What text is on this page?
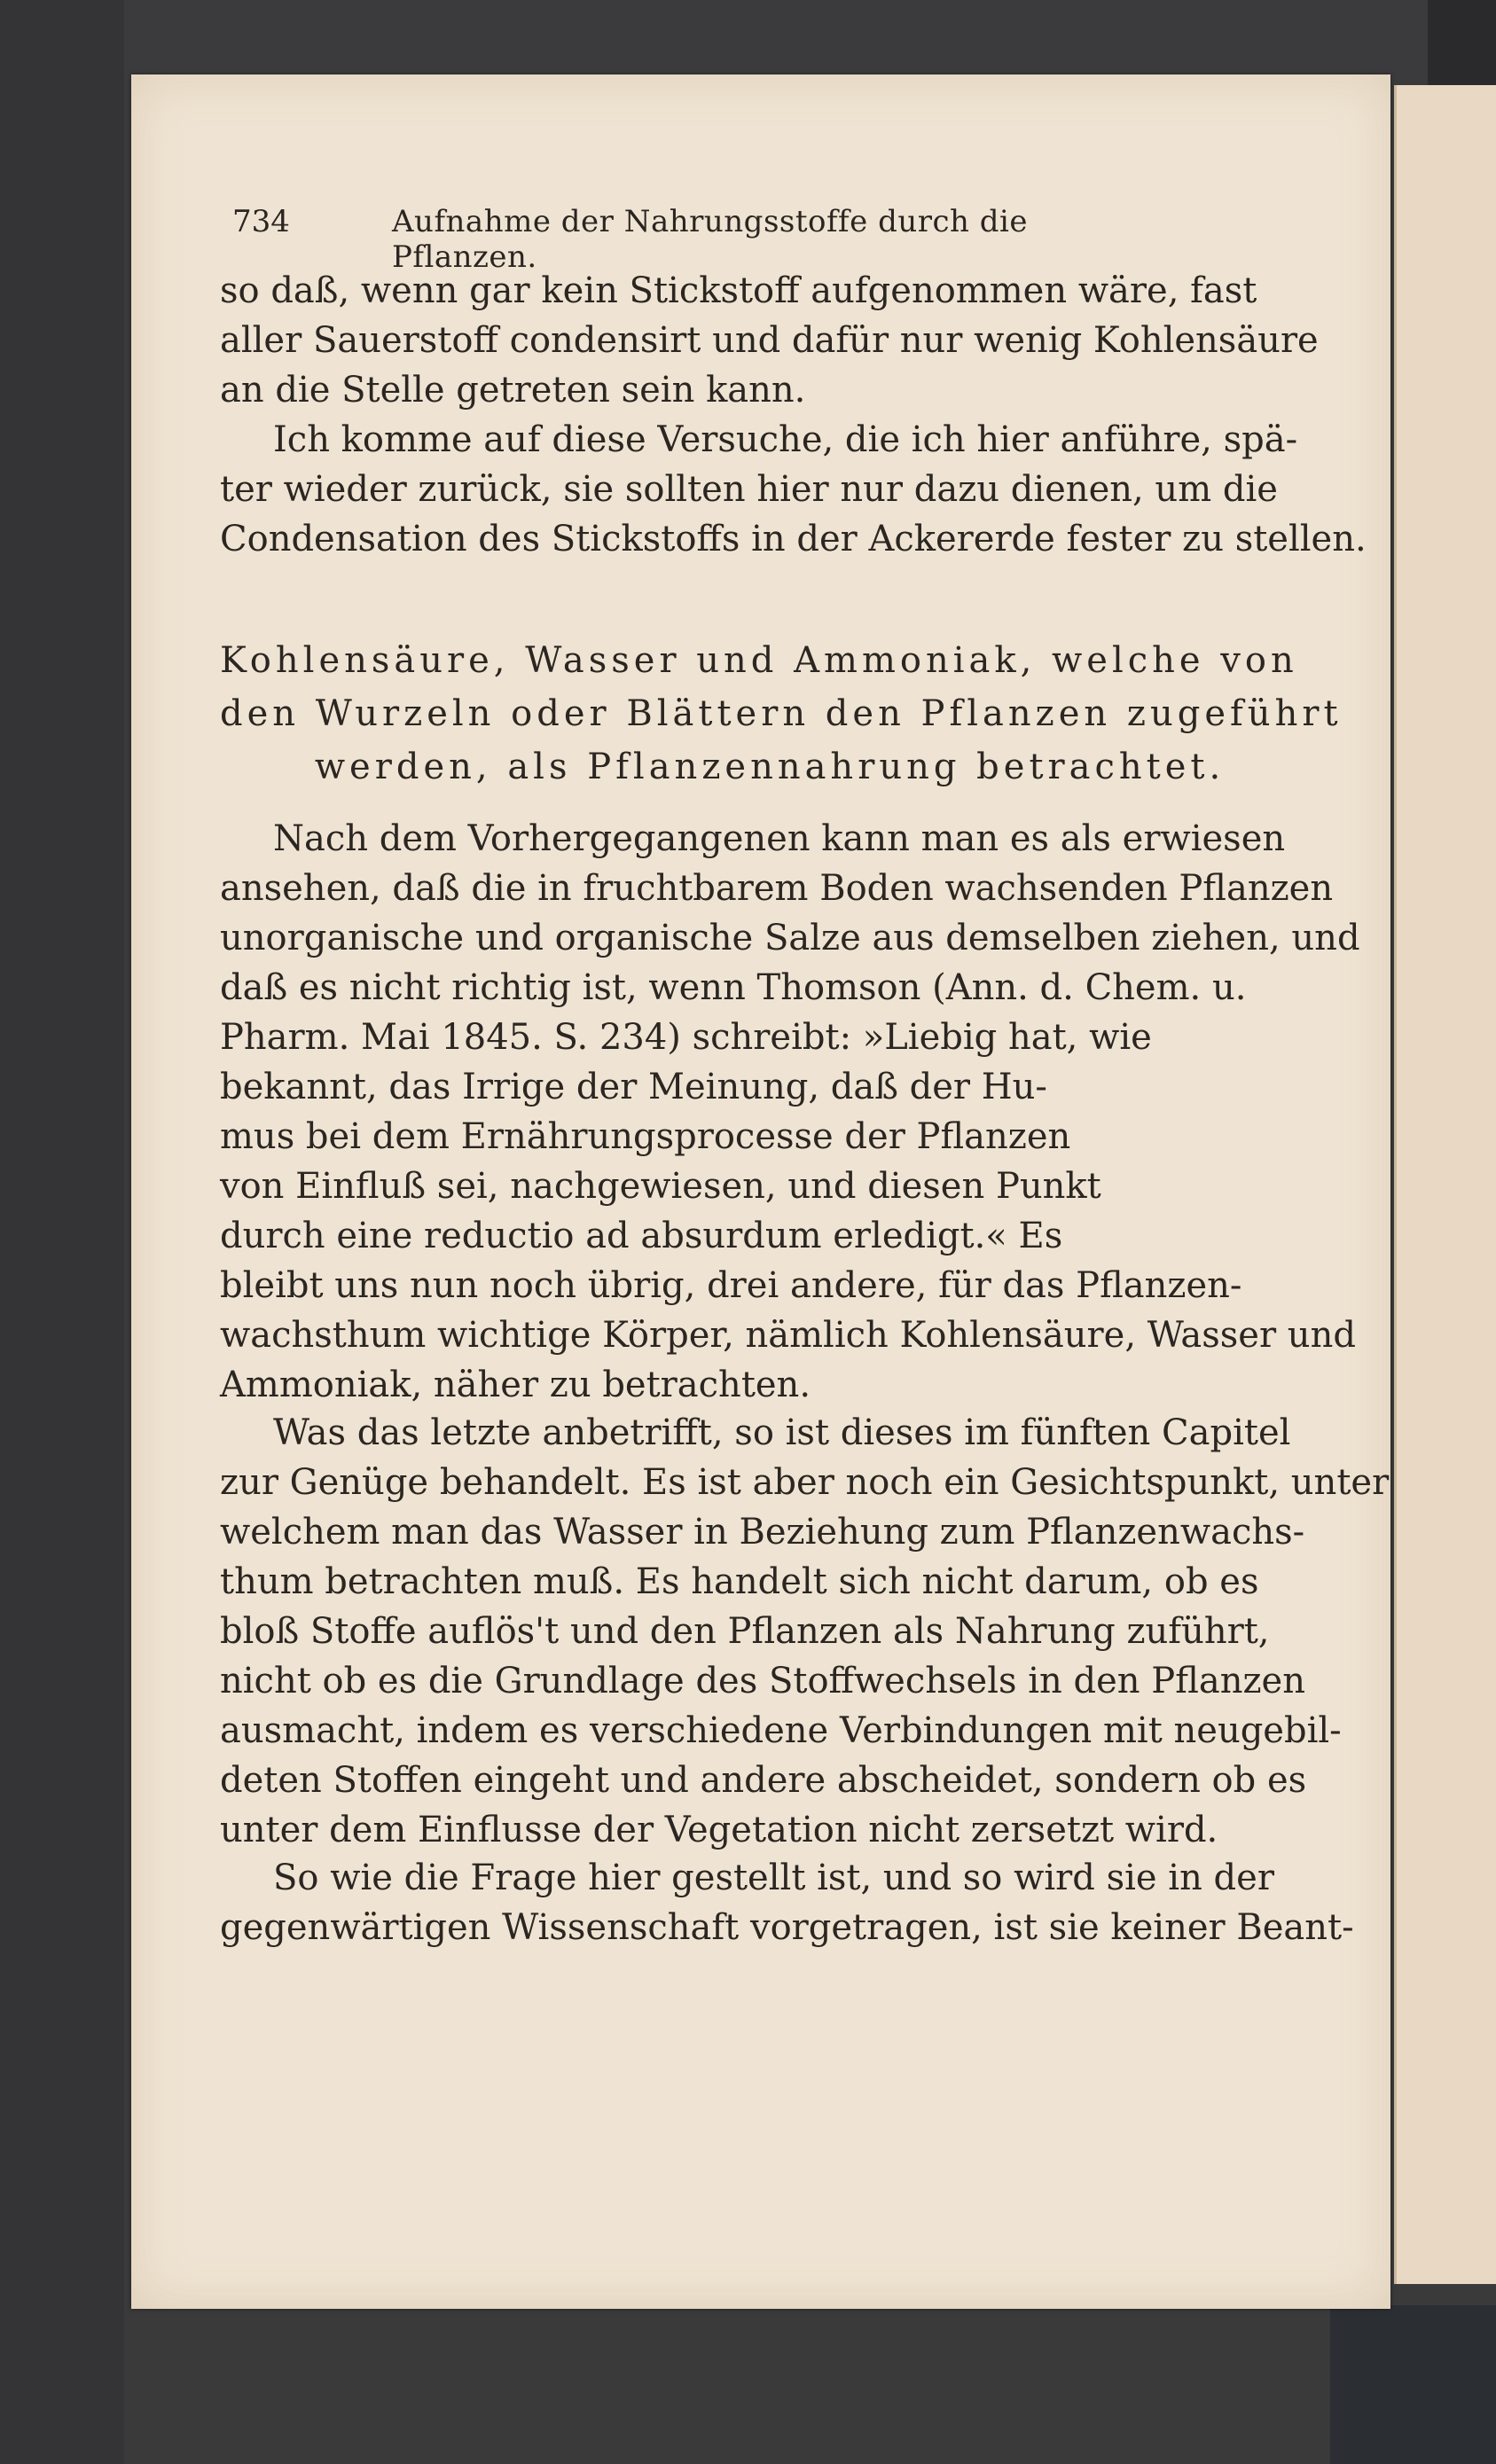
734	Aufnahme der Nahrungsstoffe durch die Pflanzen.
so daß, wenn gar kein Stickstoff aufgenommen wäre, fast
aller Sauerstoff condensirt und dafür nur wenig Kohlensäure
an die Stelle getreten sein kann.
Ich komme auf diese Versuche, die ich hier anführe, spä-
ter wieder zurück, sie sollten hier nur dazu dienen, um die
Condensation des Stickstoffs in der Ackererde fester zu stellen.
Kohlensäure, Wasser und Ammoniak, welche von
den Wurzeln oder Blättern den Pflanzen zugeführt
werden, als Pflanzennahrung betrachtet.
Nach dem Vorhergegangenen kann man es als erwiesen
ansehen, daß die in fruchtbarem Boden wachsenden Pflanzen
unorganische und organische Salze aus demselben ziehen, und
daß es nicht richtig ist, wenn Thomson (Ann. d. Chem. u.
Pharm. Mai 1845. S. 234) schreibt: »Liebig hat, wie
bekannt, das Irrige der Meinung, daß der Hu-
mus bei dem Ernährungsprocesse der Pflanzen
von Einfluß sei, nachgewiesen, und diesen Punkt
durch eine reductio ad absurdum erledigt.« Es
bleibt uns nun noch übrig, drei andere, für das Pflanzen-
wachsthum wichtige Körper, nämlich Kohlensäure, Wasser und
Ammoniak, näher zu betrachten.
Was das letzte anbetrifft, so ist dieses im fünften Capitel
zur Genüge behandelt. Es ist aber noch ein Gesichtspunkt, unter
welchem man das Wasser in Beziehung zum Pflanzenwachs-
thum betrachten muß. Es handelt sich nicht darum, ob es
bloß Stoffe auflös't und den Pflanzen als Nahrung zuführt,
nicht ob es die Grundlage des Stoffwechsels in den Pflanzen
ausmacht, indem es verschiedene Verbindungen mit neugebil-
deten Stoffen eingeht und andere abscheidet, sondern ob es
unter dem Einflusse der Vegetation nicht zersetzt wird.
So wie die Frage hier gestellt ist, und so wird sie in der
gegenwärtigen Wissenschaft vorgetragen, ist sie keiner Beant-
